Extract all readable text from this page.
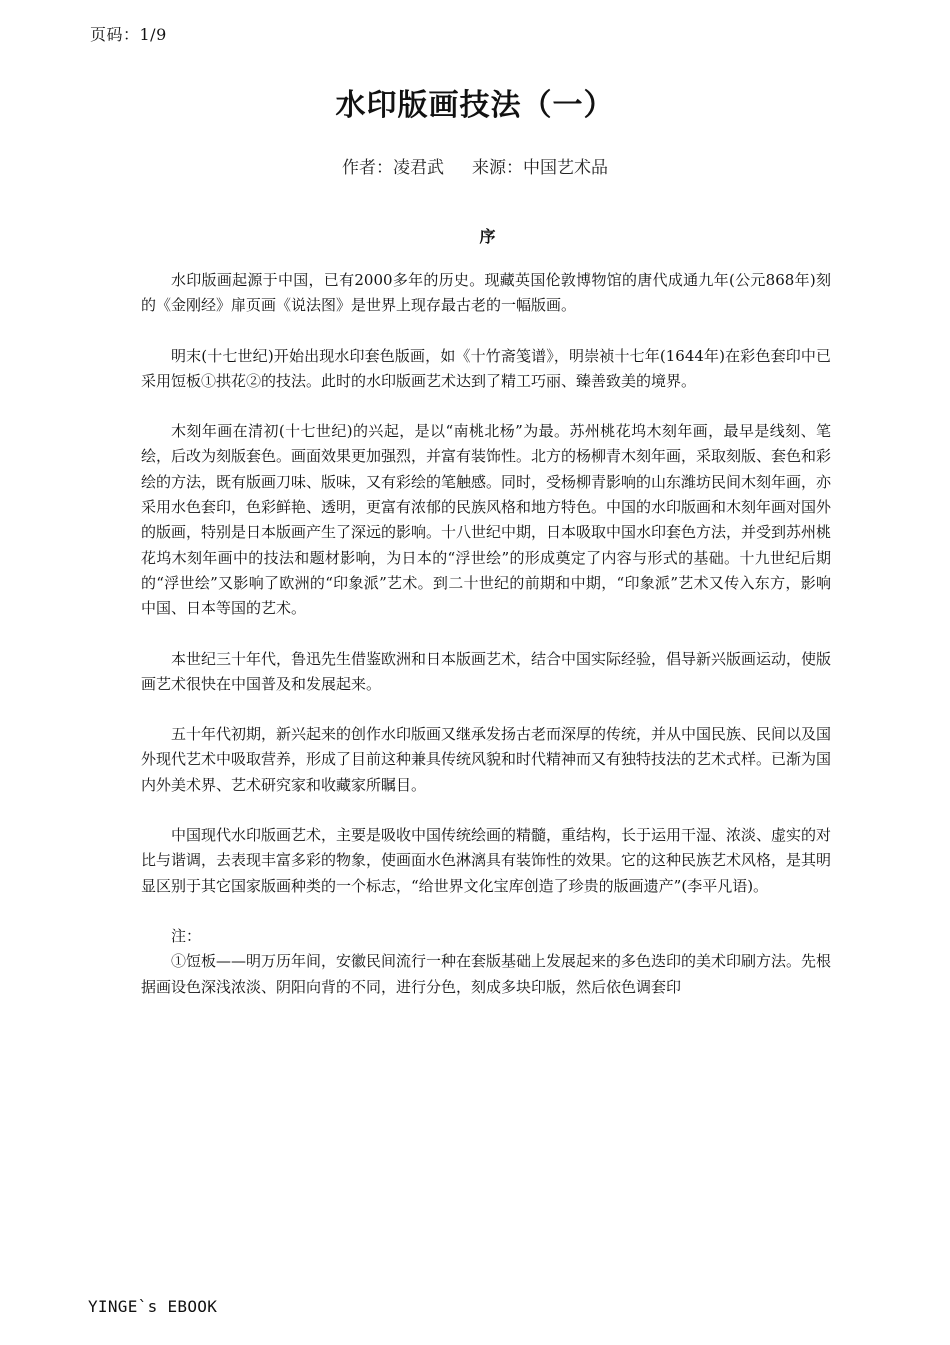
页码：1/9
水印版画技法（一）
作者：凌君武 来源：中国艺术品
序

水印版画起源于中国，已有2000多年的历史。现藏英国伦敦博物馆的唐代成通九年(公元868年)刻的《金刚经》扉页画《说法图》是世界上现存最古老的一幅版画。

明末(十七世纪)开始出现水印套色版画，如《十竹斋笺谱》，明崇祯十七年(1644年)在彩色套印中已采用饾板①拱花②的技法。此时的水印版画艺术达到了精工巧丽、臻善致美的境界。

木刻年画在清初(十七世纪)的兴起，是以“南桃北杨”为最。苏州桃花坞木刻年画，最早是线刻、笔绘，后改为刻版套色。画面效果更加强烈，并富有装饰性。北方的杨柳青木刻年画，采取刻版、套色和彩绘的方法，既有版画刀味、版味，又有彩绘的笔触感。同时，受杨柳青影响的山东潍坊民间木刻年画，亦采用水色套印，色彩鲜艳、透明，更富有浓郁的民族风格和地方特色。中国的水印版画和木刻年画对国外的版画，特别是日本版画产生了深远的影响。十八世纪中期，日本吸取中国水印套色方法，并受到苏州桃花坞木刻年画中的技法和题材影响，为日本的“浮世绘”的形成奠定了内容与形式的基础。十九世纪后期的“浮世绘”又影响了欧洲的“印象派”艺术。到二十世纪的前期和中期，“印象派”艺术又传入东方，影响中国、日本等国的艺术。

本世纪三十年代，鲁迅先生借鉴欧洲和日本版画艺术，结合中国实际经验，倡导新兴版画运动，使版画艺术很快在中国普及和发展起来。

五十年代初期，新兴起来的创作水印版画又继承发扬古老而深厚的传统，并从中国民族、民间以及国外现代艺术中吸取营养，形成了目前这种兼具传统风貌和时代精神而又有独特技法的艺术式样。已渐为国内外美术界、艺术研究家和收藏家所瞩目。

中国现代水印版画艺术，主要是吸收中国传统绘画的精髓，重结构，长于运用干湿、浓淡、虚实的对比与谐调，去表现丰富多彩的物象，使画面水色淋漓具有装饰性的效果。它的这种民族艺术风格，是其明显区别于其它国家版画种类的一个标志，“给世界文化宝库创造了珍贵的版画遗产”(李平凡语)。

注：

①饾板——明万历年间，安徽民间流行一种在套版基础上发展起来的多色迭印的美术印刷方法。先根据画设色深浅浓淡、阴阳向背的不同，进行分色，刻成多块印版，然后依色调套印

YINGE`s EBOOK
